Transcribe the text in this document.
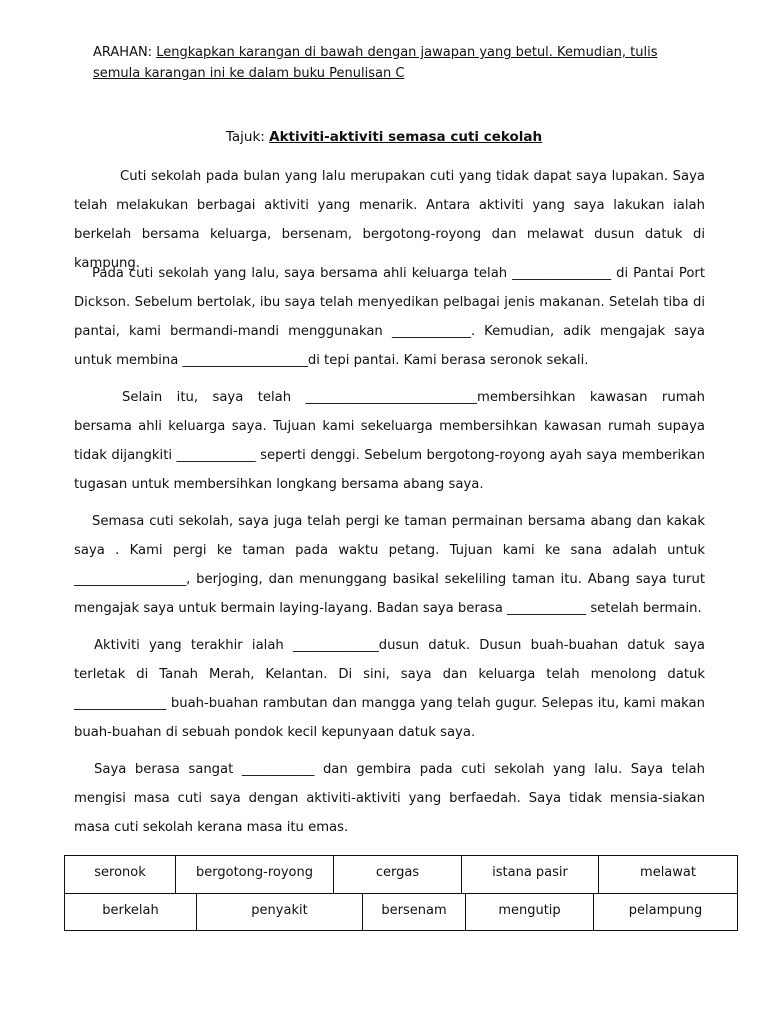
ARAHAN: Lengkapkan karangan di bawah dengan jawapan yang betul. Kemudian, tulis semula karangan ini ke dalam buku Penulisan C
Tajuk: Aktiviti-aktiviti semasa cuti cekolah

Cuti sekolah pada bulan yang lalu merupakan cuti yang tidak dapat saya lupakan. Saya telah melakukan berbagai aktiviti yang menarik. Antara aktiviti yang saya lakukan ialah berkelah bersama keluarga, bersenam, bergotong-royong dan melawat dusun datuk di kampung.

Pada cuti sekolah yang lalu, saya bersama ahli keluarga telah _______________ di Pantai Port Dickson. Sebelum bertolak, ibu saya telah menyedikan pelbagai jenis makanan. Setelah tiba di pantai, kami bermandi-mandi menggunakan ____________. Kemudian, adik mengajak saya untuk membina ___________________di tepi pantai. Kami berasa seronok sekali.

Selain itu, saya telah __________________________membersihkan kawasan rumah bersama ahli keluarga saya. Tujuan kami sekeluarga membersihkan kawasan rumah supaya tidak dijangkiti ____________ seperti denggi. Sebelum bergotong-royong ayah saya memberikan tugasan untuk membersihkan longkang bersama abang saya.

Semasa cuti sekolah, saya juga telah pergi ke taman permainan bersama abang dan kakak saya . Kami pergi ke taman pada waktu petang. Tujuan kami ke sana adalah untuk _________________, berjoging, dan menunggang basikal sekeliling taman itu. Abang saya turut mengajak saya untuk bermain laying-layang. Badan saya berasa ____________ setelah bermain.

Aktiviti yang terakhir ialah _____________dusun datuk. Dusun buah-buahan datuk saya terletak di Tanah Merah, Kelantan. Di sini, saya dan keluarga telah menolong datuk ______________ buah-buahan rambutan dan mangga yang telah gugur. Selepas itu, kami makan buah-buahan di sebuah pondok kecil kepunyaan datuk saya.

Saya berasa sangat ___________ dan gembira pada cuti sekolah yang lalu. Saya telah mengisi masa cuti saya dengan aktiviti-aktiviti yang berfaedah. Saya tidak mensia-siakan masa cuti sekolah kerana masa itu emas.

seronok	bergotong-royong	cergas	istana pasir	melawat
berkelah	penyakit	bersenam	mengutip	pelampung
